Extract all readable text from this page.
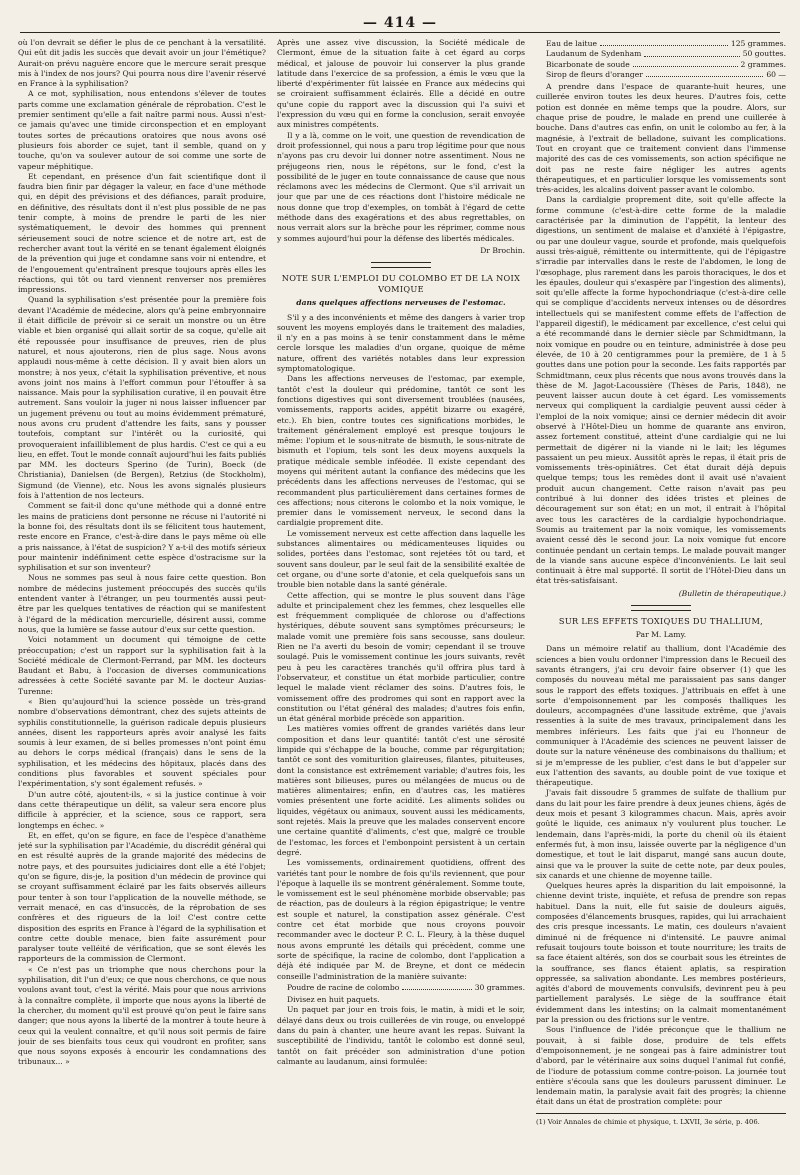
— 414 —

où l'on devrait se défier le plus de ce penchant à la versatilité. Qui eût dit jadis les succès que devait avoir un jour l'émétique? Aurait-on prévu naguère encore que le mercure serait presque mis à l'index de nos jours? Qui pourra nous dire l'avenir réservé en France à la syphilisation?

A ce mot, syphilisation, nous entendons s'élever de toutes parts comme une exclamation générale de réprobation. C'est le premier sentiment qu'elle a fait naître parmi nous. Aussi n'est-ce jamais qu'avec une timide circonspection et en employant toutes sortes de précautions oratoires que nous avons osé plusieurs fois aborder ce sujet, tant il semble, quand on y touche, qu'on va soulever autour de soi comme une sorte de vapeur méphitique.

Et cependant, en présence d'un fait scientifique dont il faudra bien finir par dégager la valeur, en face d'une méthode qui, en dépit des prévisions et des défiances, paraît produire, en définitive, des résultats dont il n'est plus possible de ne pas tenir compte, à moins de prendre le parti de les nier systématiquement, le devoir des hommes qui prennent sérieusement souci de notre science et de notre art, est de rechercher avant tout la vérité en se tenant également éloignés de la prévention qui juge et condamne sans voir ni entendre, et de l'engouement qu'entraînent presque toujours après elles les réactions, qui tôt ou tard viennent renverser nos premières impressions.

Quand la syphilisation s'est présentée pour la première fois devant l'Académie de médecine, alors qu'à peine embryonnaire il était difficile de prévoir si ce serait un monstre ou un être viable et bien organisé qui allait sortir de sa coque, qu'elle ait été repoussée pour insuffisance de preuves, rien de plus naturel, et nous ajouterons, rien de plus sage. Nous avons applaudi nous-même à cette décision. Il y avait bien alors un monstre; à nos yeux, c'était la syphilisation préventive, et nous avons joint nos mains à l'effort commun pour l'étouffer à sa naissance. Mais pour la syphilisation curative, il en pouvait être autrement. Sans vouloir la juger ni nous laisser influencer par un jugement prévenu ou tout au moins évidemment prématuré, nous avons cru prudent d'attendre les faits, sans y pousser toutefois, comptant sur l'intérêt ou la curiosité, qui provoqueraient infailliblement de plus hardis. C'est ce qui a eu lieu, en effet. Tout le monde connaît aujourd'hui les faits publiés par MM. les docteurs Sperino (de Turin), Boeck (de Christiania), Danielsen (de Bergen), Retzius (de Stockholm), Sigmund (de Vienne), etc. Nous les avons signalés plusieurs fois à l'attention de nos lecteurs.

Comment se fait-il donc qu'une méthode qui a donné entre les mains de praticiens dont personne ne récuse ni l'autorité ni la bonne foi, des résultats dont ils se félicitent tous hautement, reste encore en France, c'est-à-dire dans le pays même où elle a pris naissance, à l'état de suspicion? Y a-t-il des motifs sérieux pour maintenir indéfiniment cette espèce d'ostracisme sur la syphilisation et sur son inventeur?

Nous ne sommes pas seul à nous faire cette question. Bon nombre de médecins justement préoccupés des succès qu'ils entendent vanter à l'étranger, un peu tourmentés aussi peut-être par les quelques tentatives de réaction qui se manifestent à l'égard de la médication mercurielle, désirent aussi, comme nous, que la lumière se fasse autour d'eux sur cette question.

Voici notamment un document qui témoigne de cette préoccupation; c'est un rapport sur la syphilisation fait à la Société médicale de Clermont-Ferrand, par MM. les docteurs Baudant et Babu, à l'occasion de diverses communications adressées à cette Société savante par M. le docteur Auzias-Turenne:

« Bien qu'aujourd'hui la science possède un très-grand nombre d'observations démontrant, chez des sujets atteints de syphilis constitutionnelle, la guérison radicale depuis plusieurs années, disent les rapporteurs après avoir analysé les faits soumis à leur examen, de si belles promesses n'ont point ému au dehors le corps médical (français) dans le sens de la syphilisation, et les médecins des hôpitaux, placés dans des conditions plus favorables et souvent spéciales pour l'expérimentation, s'y sont également refusés. »

D'un autre côté, ajoutent-ils, « si la justice continue à voir dans cette thérapeutique un délit, sa valeur sera encore plus difficile à apprécier, et la science, sous ce rapport, sera longtemps en échec. »

Et, en effet, qu'on se figure, en face de l'espèce d'anathème jeté sur la syphilisation par l'Académie, du discrédit général qui en est résulté auprès de la grande majorité des médecins de notre pays, et des poursuites judiciaires dont elle a été l'objet; qu'on se figure, dis-je, la position d'un médecin de province qui se croyant suffisamment éclairé par les faits observés ailleurs pour tenter à son tour l'application de la nouvelle méthode, se verrait menacé, en cas d'insuccès, de la réprobation de ses confrères et des rigueurs de la loi! C'est contre cette disposition des esprits en France à l'égard de la syphilisation et contre cette double menace, bien faite assurément pour paralyser toute velléité de vérification, que se sont élevés les rapporteurs de la commission de Clermont.

« Ce n'est pas un triomphe que nous cherchons pour la syphilisation, dit l'un d'eux; ce que nous cherchons, ce que nous voulons avant tout, c'est la vérité. Mais pour que nous arrivions à la connaître complète, il importe que nous ayons la liberté de la chercher, du moment qu'il est prouvé qu'on peut le faire sans danger; que nous ayons la liberté de la montrer à toute heure à ceux qui la veulent connaître, et qu'il nous soit permis de faire jouir de ses bienfaits tous ceux qui voudront en profiter, sans que nous soyons exposés à encourir les condamnations des tribunaux... »

Après une assez vive discussion, la Société médicale de Clermont, émue de la situation faite à cet égard au corps médical, et jalouse de pouvoir lui conserver la plus grande latitude dans l'exercice de sa profession, a émis le vœu que la liberté d'expérimenter fût laissée en France aux médecins qui se croiraient suffisamment éclairés. Elle a décidé en outre qu'une copie du rapport avec la discussion qui l'a suivi et l'expression du vœu qui en forme la conclusion, serait envoyée aux ministres compétents.

Il y a là, comme on le voit, une question de revendication de droit professionnel, qui nous a paru trop légitime pour que nous n'ayons pas cru devoir lui donner notre assentiment. Nous ne préjugeons rien, nous le répétons, sur le fond, c'est la possibilité de le juger en toute connaissance de cause que nous réclamons avec les médecins de Clermont. Que s'il arrivait un jour que par une de ces réactions dont l'histoire médicale ne nous donne que trop d'exemples, on tombât à l'égard de cette méthode dans des exagérations et des abus regrettables, on nous verrait alors sur la brèche pour les réprimer, comme nous y sommes aujourd'hui pour la défense des libertés médicales.

Dr Brochin.

NOTE SUR L'EMPLOI DU COLOMBO ET DE LA NOIX VOMIQUE

dans quelques affections nerveuses de l'estomac.

S'il y a des inconvénients et même des dangers à varier trop souvent les moyens employés dans le traitement des maladies, il n'y en a pas moins à se tenir constamment dans le même cercle lorsque les maladies d'un organe, quoique de même nature, offrent des variétés notables dans leur expression symptomatologique.

Dans les affections nerveuses de l'estomac, par exemple, tantôt c'est la douleur qui prédomine, tantôt ce sont les fonctions digestives qui sont diversement troublées (nausées, vomissements, rapports acides, appétit bizarre ou exagéré, etc.). Eh bien, contre toutes ces significations morbides, le traitement généralement employé est presque toujours le même: l'opium et le sous-nitrate de bismuth, le sous-nitrate de bismuth et l'opium, tels sont les deux moyens auxquels la pratique médicale semble inféodée. Il existe cependant des moyens qui méritent autant la confiance des médecins que les précédents dans les affections nerveuses de l'estomac, qui se recommandent plus particulièrement dans certaines formes de ces affections; nous citerons le colombo et la noix vomique, le premier dans le vomissement nerveux, le second dans la cardialgie proprement dite.

Le vomissement nerveux est cette affection dans laquelle les substances alimentaires ou médicamenteuses liquides ou solides, portées dans l'estomac, sont rejetées tôt ou tard, et souvent sans douleur, par le seul fait de la sensibilité exaltée de cet organe, ou d'une sorte d'atonie, et cela quelquefois sans un trouble bien notable dans la santé générale.

Cette affection, qui se montre le plus souvent dans l'âge adulte et principalement chez les femmes, chez lesquelles elle est fréquemment compliquée de chlorose ou d'affections hystériques, débute souvent sans symptômes précurseurs; le malade vomit une première fois sans secousse, sans douleur. Rien ne l'a averti du besoin de vomir; cependant il se trouve soulagé. Puis le vomissement continue les jours suivants, revêt peu à peu les caractères tranchés qu'il offrira plus tard à l'observateur, et constitue un état morbide particulier, contre lequel le malade vient réclamer des soins. D'autres fois, le vomissement offre des prodromes qui sont en rapport avec la constitution ou l'état général des malades; d'autres fois enfin, un état général morbide précède son apparition.

Les matières vomies offrent de grandes variétés dans leur composition et dans leur quantité: tantôt c'est une sérosité limpide qui s'échappe de la bouche, comme par régurgitation; tantôt ce sont des vomiturition glaireuses, filantes, pituiteuses, dont la consistance est extrêmement variable; d'autres fois, les matières sont bilieuses, pures ou mélangées de mucus ou de matières alimentaires; enfin, en d'autres cas, les matières vomies présentent une forte acidité. Les aliments solides ou liquides, végétaux ou animaux, souvent aussi les médicaments, sont rejetés. Mais la preuve que les malades conservent encore une certaine quantité d'aliments, c'est que, malgré ce trouble de l'estomac, les forces et l'embonpoint persistent à un certain degré.

Les vomissements, ordinairement quotidiens, offrent des variétés tant pour le nombre de fois qu'ils reviennent, que pour l'époque à laquelle ils se montrent généralement. Somme toute, le vomissement est le seul phénomène morbide observable; pas de réaction, pas de douleurs à la région épigastrique; le ventre est souple et naturel, la constipation assez générale. C'est contre cet état morbide que nous croyons pouvoir recommander avec le docteur P. C. L. Fleury, à la thèse duquel nous avons emprunté les détails qui précèdent, comme une sorte de spécifique, la racine de colombo, dont l'application a déjà été indiquée par M. de Breyne, et dont ce médecin conseille l'administration de la manière suivante:

Poudre de racine de colombo	30 grammes.

Divisez en huit paquets.

Un paquet par jour en trois fois, le matin, à midi et le soir, délayé dans deux ou trois cuillerées de vin rouge, ou enveloppé dans du pain à chanter, une heure avant les repas. Suivant la susceptibilité de l'individu, tantôt le colombo est donné seul, tantôt on fait précéder son administration d'une potion calmante au laudanum, ainsi formulée:

Eau de laitue	125 grammes.
Laudanum de Sydenham	50 gouttes.
Bicarbonate de soude	2 grammes.
Sirop de fleurs d'oranger	60 —

A prendre dans l'espace de quarante-huit heures, une cuillerée environ toutes les deux heures. D'autres fois, cette potion est donnée en même temps que la poudre. Alors, sur chaque prise de poudre, le malade en prend une cuillerée à bouche. Dans d'autres cas enfin, on unit le colombo au fer, à la magnésie, à l'extrait de belladone, suivant les complications. Tout en croyant que ce traitement convient dans l'immense majorité des cas de ces vomissements, son action spécifique ne doit pas ne reste faire négliger les autres agents thérapeutiques, et en particulier lorsque les vomissements sont très-acides, les alcalins doivent passer avant le colombo.

Dans la cardialgie proprement dite, soit qu'elle affecte la forme commune (c'est-à-dire cette forme de la maladie caractérisée par la diminution de l'appétit, la lenteur des digestions, un sentiment de malaise et d'anxiété à l'épigastre, ou par une douleur vague, sourde et profonde, mais quelquefois aussi très-aiguë, rémittente ou intermittente, qui de l'épigastre s'irradie par intervalles dans le reste de l'abdomen, le long de l'œsophage, plus rarement dans les parois thoraciques, le dos et les épaules, douleur qui s'exaspère par l'ingestion des aliments), soit qu'elle affecte la forme hypochondriaque (c'est-à-dire celle qui se complique d'accidents nerveux intenses ou de désordres intellectuels qui se manifestent comme effets de l'affection de l'appareil digestif), le médicament par excellence, c'est celui qui a été recommandé dans le dernier siècle par Schmidtmann, la noix vomique en poudre ou en teinture, administrée à dose peu élevée, de 10 à 20 centigrammes pour la première, de 1 à 5 gouttes dans une potion pour la seconde. Les faits rapportés par Schmidtmann, ceux plus récents que nous avons trouvés dans la thèse de M. Jagot-Lacoussière (Thèses de Paris, 1848), ne peuvent laisser aucun doute à cet égard. Les vomissements nerveux qui compliquent la cardialgie peuvent aussi céder à l'emploi de la noix vomique; ainsi ce dernier médecin dit avoir observé à l'Hôtel-Dieu un homme de quarante ans environ, assez fortement constitué, atteint d'une cardialgie qui ne lui permettait de digérer ni la viande ni le lait; les légumes passaient un peu mieux. Aussitôt après le repas, il était pris de vomissements très-opiniâtres. Cet état durait déjà depuis quelque temps; tous les remèdes dont il avait usé n'avaient produit aucun changement. Cette raison n'avait pas peu contribué à lui donner des idées tristes et pleines de découragement sur son état; en un mot, il entrait à l'hôpital avec tous les caractères de la cardialgie hypochondriaque. Soumis au traitement par la noix vomique, les vomissements avaient cessé dès le second jour. La noix vomique fut encore continuée pendant un certain temps. Le malade pouvait manger de la viande sans aucune espèce d'inconvénients. Le lait seul continuait à être mal supporté. Il sortit de l'Hôtel-Dieu dans un état très-satisfaisant.

(Bulletin de thérapeutique.)

SUR LES EFFETS TOXIQUES DU THALLIUM,

Par M. Lamy.

Dans un mémoire relatif au thallium, dont l'Académie des sciences a bien voulu ordonner l'impression dans le Recueil des savants étrangers, j'ai cru devoir faire observer (1) que les composés du nouveau métal me paraissaient pas sans danger sous le rapport des effets toxiques. J'attribuais en effet à une sorte d'empoisonnement par les composés thalliques les douleurs, accompagnées d'une lassitude extrême, que j'avais ressenties à la suite de mes travaux, principalement dans les membres inférieurs. Les faits que j'ai eu l'honneur de communiquer à l'Académie des sciences ne peuvent laisser de doute sur la nature vénéneuse des combinaisons du thallium; et si je m'empresse de les publier, c'est dans le but d'appeler sur eux l'attention des savants, au double point de vue toxique et thérapeutique.

J'avais fait dissoudre 5 grammes de sulfate de thallium pur dans du lait pour les faire prendre à deux jeunes chiens, âgés de deux mois et pesant 3 kilogrammes chacun. Mais, après avoir goûté le liquide, ces animaux n'y voulurent plus toucher. Le lendemain, dans l'après-midi, la porte du chenil où ils étaient enfermés fut, à mon insu, laissée ouverte par la négligence d'un domestique, et tout le lait disparut, mangé sans aucun doute, ainsi que va le prouver la suite de cette note, par deux poules, six canards et une chienne de moyenne taille.

Quelques heures après la disparition du lait empoisonné, la chienne devint triste, inquiète, et refusa de prendre son repas habituel. Dans la nuit, elle fut saisie de douleurs aiguës, composées d'élancements brusques, rapides, qui lui arrachaient des cris presque incessants. Le matin, ces douleurs n'avaient diminué ni de fréquence ni d'intensité. Le pauvre animal refusait toujours toute boisson et toute nourriture; les traits de sa face étaient altérés, son dos se courbait sous les étreintes de la souffrance, ses flancs étaient aplatis, sa respiration oppressée, sa salivation abondante. Les membres postérieurs, agités d'abord de mouvements convulsifs, devinrent peu à peu partiellement paralysés. Le siège de la souffrance était évidemment dans les intestins; on la calmait momentanément par la pression ou des frictions sur le ventre.

Sous l'influence de l'idée préconçue que le thallium ne pouvait, à si faible dose, produire de tels effets d'empoisonnement, je ne songeai pas à faire administrer tout d'abord, par le vétérinaire aux soins duquel l'animal fut confié, de l'iodure de potassium comme contre-poison. La journée tout entière s'écoula sans que les douleurs parussent diminuer. Le lendemain matin, la paralysie avait fait des progrès; la chienne était dans un état de prostration complète: pour

(1) Voir Annales de chimie et physique, t. LXVII, 3e série, p. 406.
